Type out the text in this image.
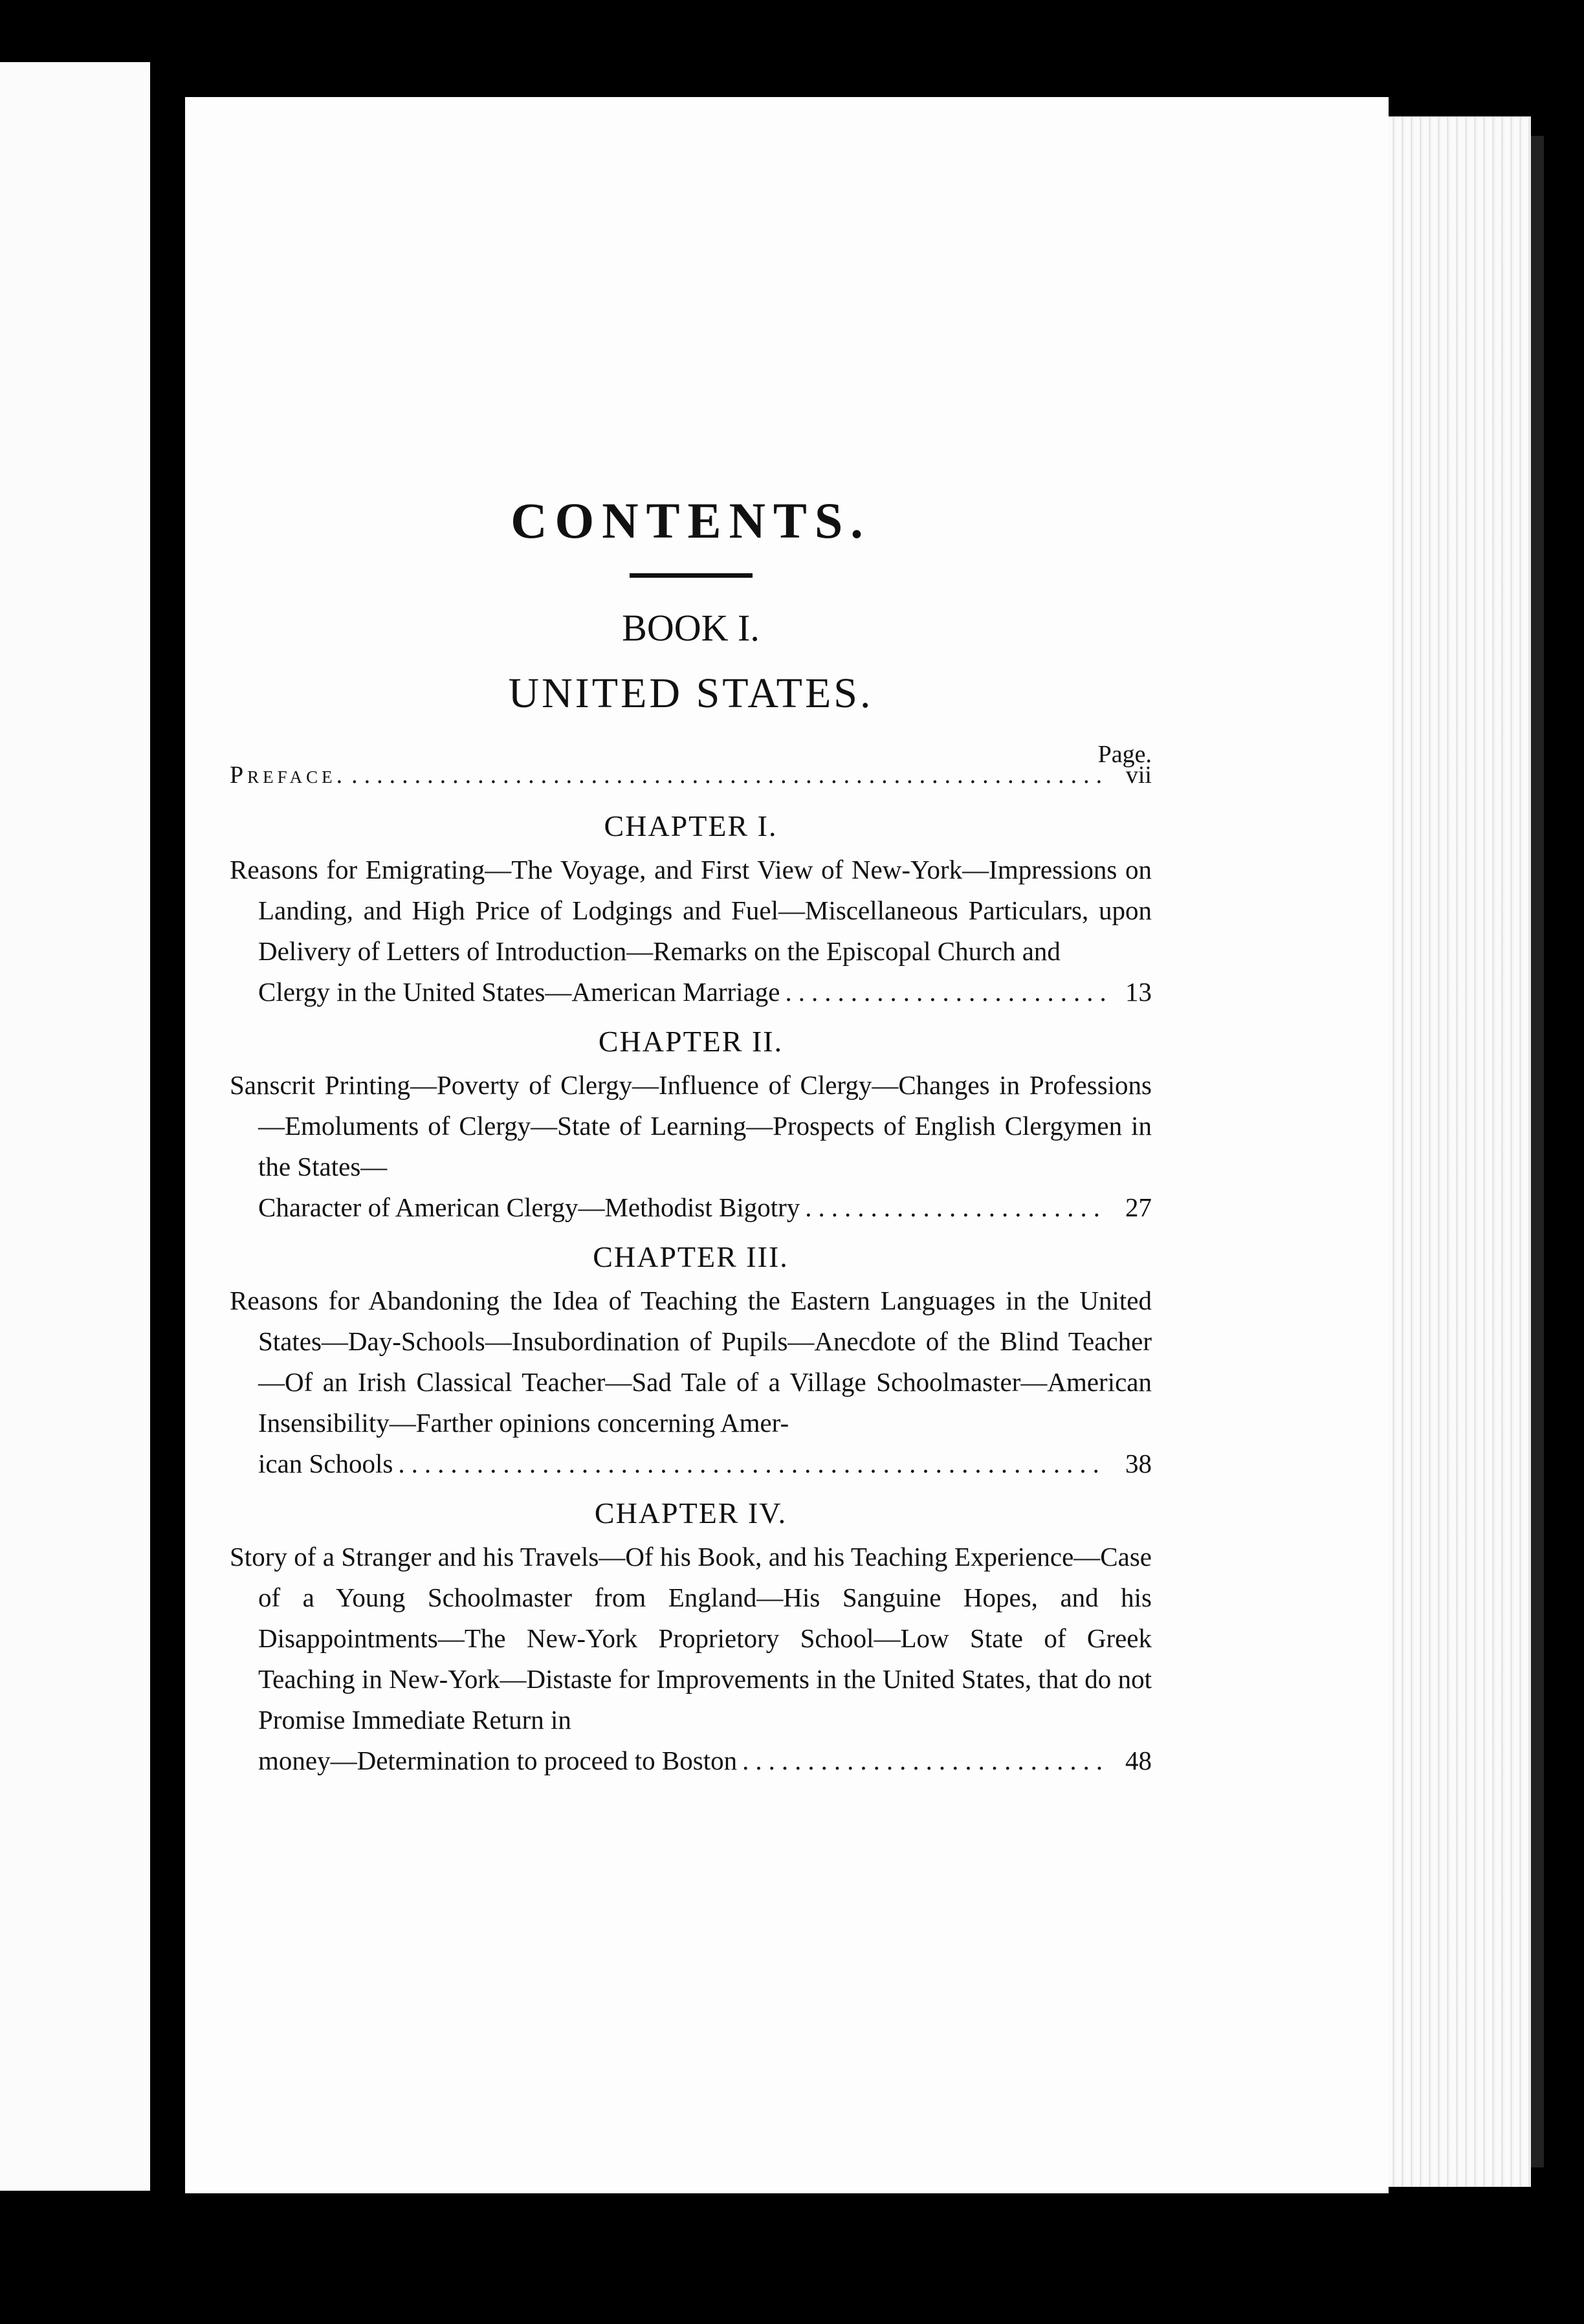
CONTENTS.
BOOK I.
UNITED STATES.
Page.
Preface. .....	vii
CHAPTER I.
Reasons for Emigrating—The Voyage, and First View of New-York—Impressions on Landing, and High Price of Lodgings and Fuel—Miscellaneous Particulars, upon Delivery of Letters of Introduction—Remarks on the Episcopal Church and
Clergy in the United States—American Marriage .....	13
CHAPTER II.
Sanscrit Printing—Poverty of Clergy—Influence of Clergy—Changes in Professions—Emoluments of Clergy—State of Learning—Prospects of English Clergymen in the States—
Character of American Clergy—Methodist Bigotry .....	27
CHAPTER III.
Reasons for Abandoning the Idea of Teaching the Eastern Languages in the United States—Day-Schools—Insubordination of Pupils—Anecdote of the Blind Teacher—Of an Irish Classical Teacher—Sad Tale of a Village Schoolmaster—American Insensibility—Farther opinions concerning Amer-
ican Schools .....	38
CHAPTER IV.
Story of a Stranger and his Travels—Of his Book, and his Teaching Experience—Case of a Young Schoolmaster from England—His Sanguine Hopes, and his Disappointments—The New-York Proprietory School—Low State of Greek Teaching in New-York—Distaste for Improvements in the United States, that do not Promise Immediate Return in
money—Determination to proceed to Boston .....	48
